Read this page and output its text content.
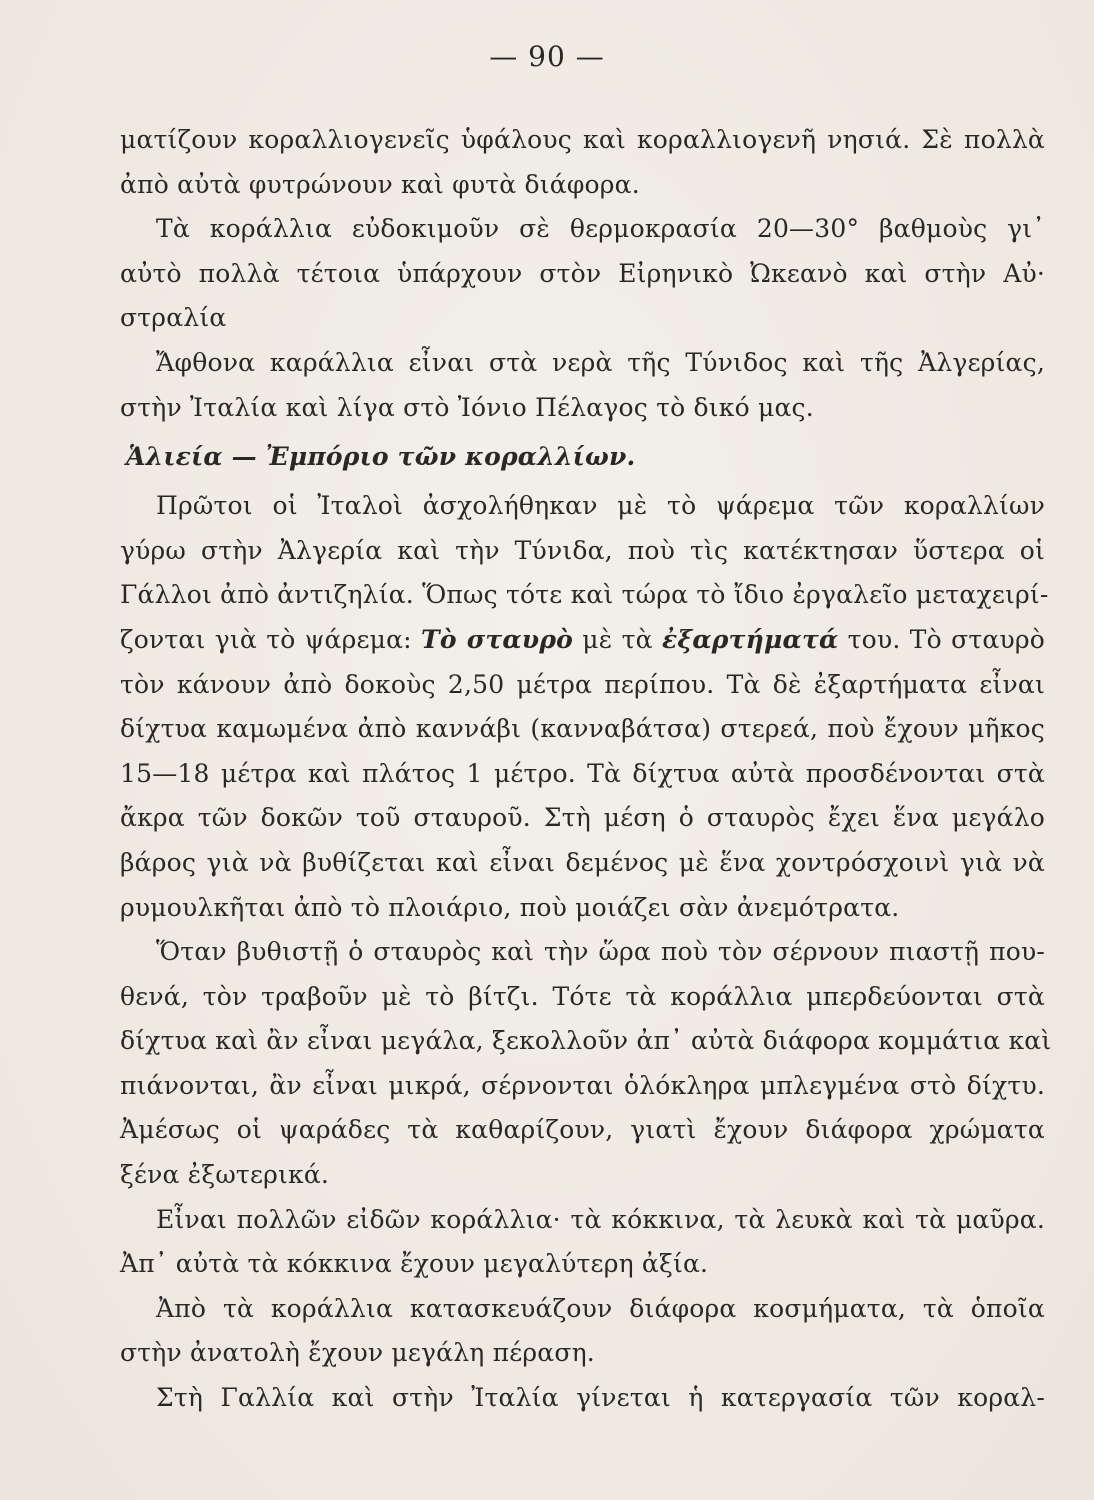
— 90 —
ματίζουν κοραλλιογενεῖς ὑφάλους καὶ κοραλλιογενῆ νησιά. Σὲ πολλὰ
ἀπὸ αὐτὰ φυτρώνουν καὶ φυτὰ διάφορα.
Τὰ κοράλλια εὐδοκιμοῦν σὲ θερμοκρασία 20—30° βαθμοὺς γι᾽
αὐτὸ πολλὰ τέτοια ὑπάρχουν στὸν Εἰρηνικὸ Ὠκεανὸ καὶ στὴν Αὐ·
στραλία
Ἄφθονα καράλλια εἶναι στὰ νερὰ τῆς Τύνιδος καὶ τῆς Ἀλγερίας,
στὴν Ἰταλία καὶ λίγα στὸ Ἰόνιο Πέλαγος τὸ δικό μας.
Ἁλιεία — Ἐμπόριο τῶν κοραλλίων.
Πρῶτοι οἱ Ἰταλοὶ ἀσχολήθηκαν μὲ τὸ ψάρεμα τῶν κοραλλίων
γύρω στὴν Ἀλγερία καὶ τὴν Τύνιδα, ποὺ τὶς κατέκτησαν ὕστερα οἱ
Γάλλοι ἀπὸ ἀντιζηλία. Ὅπως τότε καὶ τώρα τὸ ἴδιο ἐργαλεῖο μεταχειρί-
ζονται γιὰ τὸ ψάρεμα: Τὸ σταυρὸ μὲ τὰ ἐξαρτήματά του. Τὸ σταυρὸ
τὸν κάνουν ἀπὸ δοκοὺς 2,50 μέτρα περίπου. Τὰ δὲ ἐξαρτήματα εἶναι
δίχτυα καμωμένα ἀπὸ καννάβι (κανναβάτσα) στερεά, ποὺ ἔχουν μῆκος
15—18 μέτρα καὶ πλάτος 1 μέτρο. Τὰ δίχτυα αὐτὰ προσδένονται στὰ
ἄκρα τῶν δοκῶν τοῦ σταυροῦ. Στὴ μέση ὁ σταυρὸς ἔχει ἕνα μεγάλο
βάρος γιὰ νὰ βυθίζεται καὶ εἶναι δεμένος μὲ ἕνα χοντρόσχοινὶ γιὰ νὰ
ρυμουλκῆται ἀπὸ τὸ πλοιάριο, ποὺ μοιάζει σὰν ἀνεμότρατα.
Ὅταν βυθιστῇ ὁ σταυρὸς καὶ τὴν ὥρα ποὺ τὸν σέρνουν πιαστῇ που-
θενά, τὸν τραβοῦν μὲ τὸ βίτζι. Τότε τὰ κοράλλια μπερδεύονται στὰ
δίχτυα καὶ ἂν εἶναι μεγάλα, ξεκολλοῦν ἀπ᾽ αὐτὰ διάφορα κομμάτια καὶ
πιάνονται, ἂν εἶναι μικρά, σέρνονται ὁλόκληρα μπλεγμένα στὸ δίχτυ.
Ἀμέσως οἱ ψαράδες τὰ καθαρίζουν, γιατὶ ἔχουν διάφορα χρώματα
ξένα ἐξωτερικά.
Εἶναι πολλῶν εἰδῶν κοράλλια· τὰ κόκκινα, τὰ λευκὰ καὶ τὰ μαῦρα.
Ἀπ᾽ αὐτὰ τὰ κόκκινα ἔχουν μεγαλύτερη ἀξία.
Ἀπὸ τὰ κοράλλια κατασκευάζουν διάφορα κοσμήματα, τὰ ὁποῖα
στὴν ἀνατολὴ ἔχουν μεγάλη πέραση.
Στὴ Γαλλία καὶ στὴν Ἰταλία γίνεται ἡ κατεργασία τῶν κοραλ-
